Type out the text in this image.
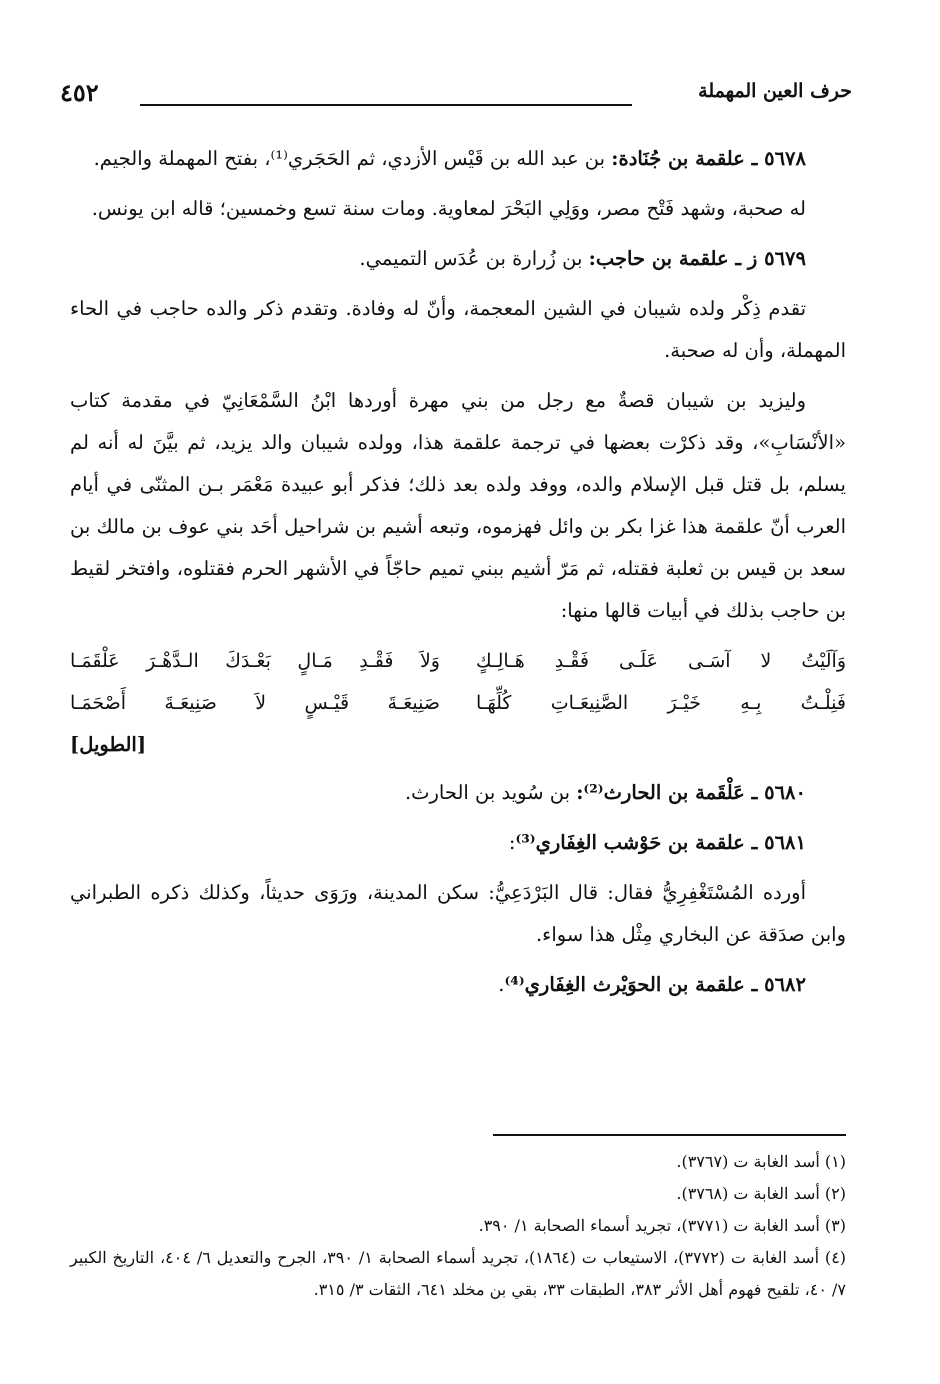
حرف العين المهملة
٤٥٢

٥٦٧٨ ـ علقمة بن جُنَادة: بن عبد الله بن قَيْس الأزدي، ثم الحَجَري⁽¹⁾، بفتح المهملة والجيم.

له صحبة، وشهد فَتْح مصر، ووَلِي البَحْرَ لمعاوية. ومات سنة تسع وخمسين؛ قاله ابن يونس.

٥٦٧٩ ز ـ علقمة بن حاجب: بن زُرارة بن عُدَس التميمي.

تقدم ذِكْر ولده شيبان في الشين المعجمة، وأنّ له وفادة. وتقدم ذكر والده حاجب في الحاء المهملة، وأن له صحبة.

وليزيد بن شيبان قصةٌ مع رجل من بني مهرة أوردها ابْنُ السَّمْعَانِيّ في مقدمة كتاب «الأنْسَابِ»، وقد ذكرْت بعضها في ترجمة علقمة هذا، وولده شيبان والد يزيد، ثم بيَّنَ له أنه لم يسلم، بل قتل قبل الإسلام والده، ووفد ولده بعد ذلك؛ فذكر أبو عبيدة مَعْمَر بـن المثنّى في أيام العرب أنّ علقمة هذا غزا بكر بن وائل فهزموه، وتبعه أشيم بن شراحيل أحَد بني عوف بن مالك بن سعد بن قيس بن ثعلبة فقتله، ثم مَرّ أشيم ببني تميم حاجّاً في الأشهر الحرم فقتلوه، وافتخر لقيط بن حاجب بذلك في أبيات قالها منها:

وَآلَيْتُ لا آسَـى عَلَـى فَقْـدِ هَـالِـكٍ
وَلاَ فَقْـدِ مَـالٍ بَعْـدَكَ الـدَّهْـرَ عَلْقَمَـا
فَنِلْـتُ بِـهِ خَيْـرَ الصَّنِيعَـاتِ كُلِّهَـا
صَنِيعَـةَ قَيْـسٍ لاَ صَنِيعَـةَ أَصْحَمَـا
[الطويل]

٥٦٨٠ ـ عَلْقَمة بن الحارث⁽²⁾: بن سُويد بن الحارث.

٥٦٨١ ـ علقمة بن حَوْشب الغِفَاري⁽³⁾:

أورده المُسْتَغْفِرِيُّ فقال: قال البَرْدَعِيُّ: سكن المدينة، ورَوَى حديثاً، وكذلك ذكره الطبراني وابن صدَقة عن البخاري مِثْل هذا سواء.

٥٦٨٢ ـ علقمة بن الحوَيْرث الغِفَاري⁽⁴⁾.

(١) أسد الغابة ت (٣٧٦٧).

(٢) أسد الغابة ت (٣٧٦٨).

(٣) أسد الغابة ت (٣٧٧١)، تجريد أسماء الصحابة ١/ ٣٩٠.

(٤) أسد الغابة ت (٣٧٧٢)، الاستيعاب ت (١٨٦٤)، تجريد أسماء الصحابة ١/ ٣٩٠، الجرح والتعديل ٦/ ٤٠٤، التاريخ الكبير ٧/ ٤٠، تلقيح فهوم أهل الأثر ٣٨٣، الطبقات ٣٣، بقي بن مخلد ٦٤١، الثقات ٣/ ٣١٥.
